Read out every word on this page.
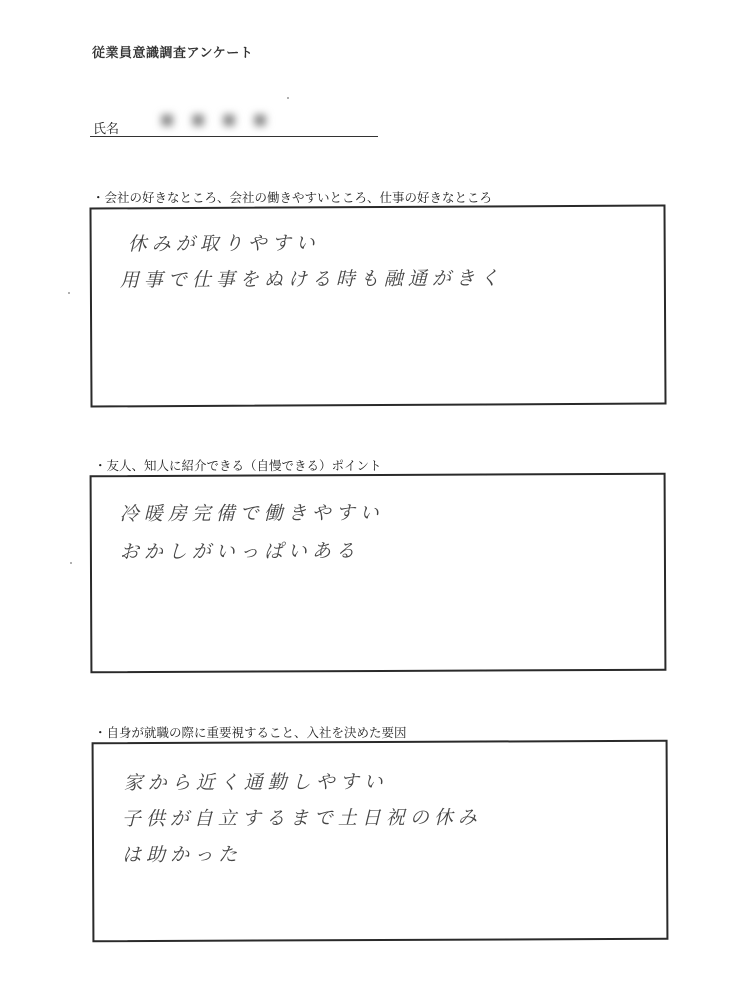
従業員意識調査アンケート
氏名
■ ■ ■ ■
・会社の好きなところ、会社の働きやすいところ、仕事の好きなところ
休みが取りやすい
用事で仕事をぬける時も融通がきく
・友人、知人に紹介できる（自慢できる）ポイント
冷暖房完備で働きやすい
おかしがいっぱいある
・自身が就職の際に重要視すること、入社を決めた要因
家から近く通勤しやすい
子供が自立するまで土日祝の休み
は助かった
